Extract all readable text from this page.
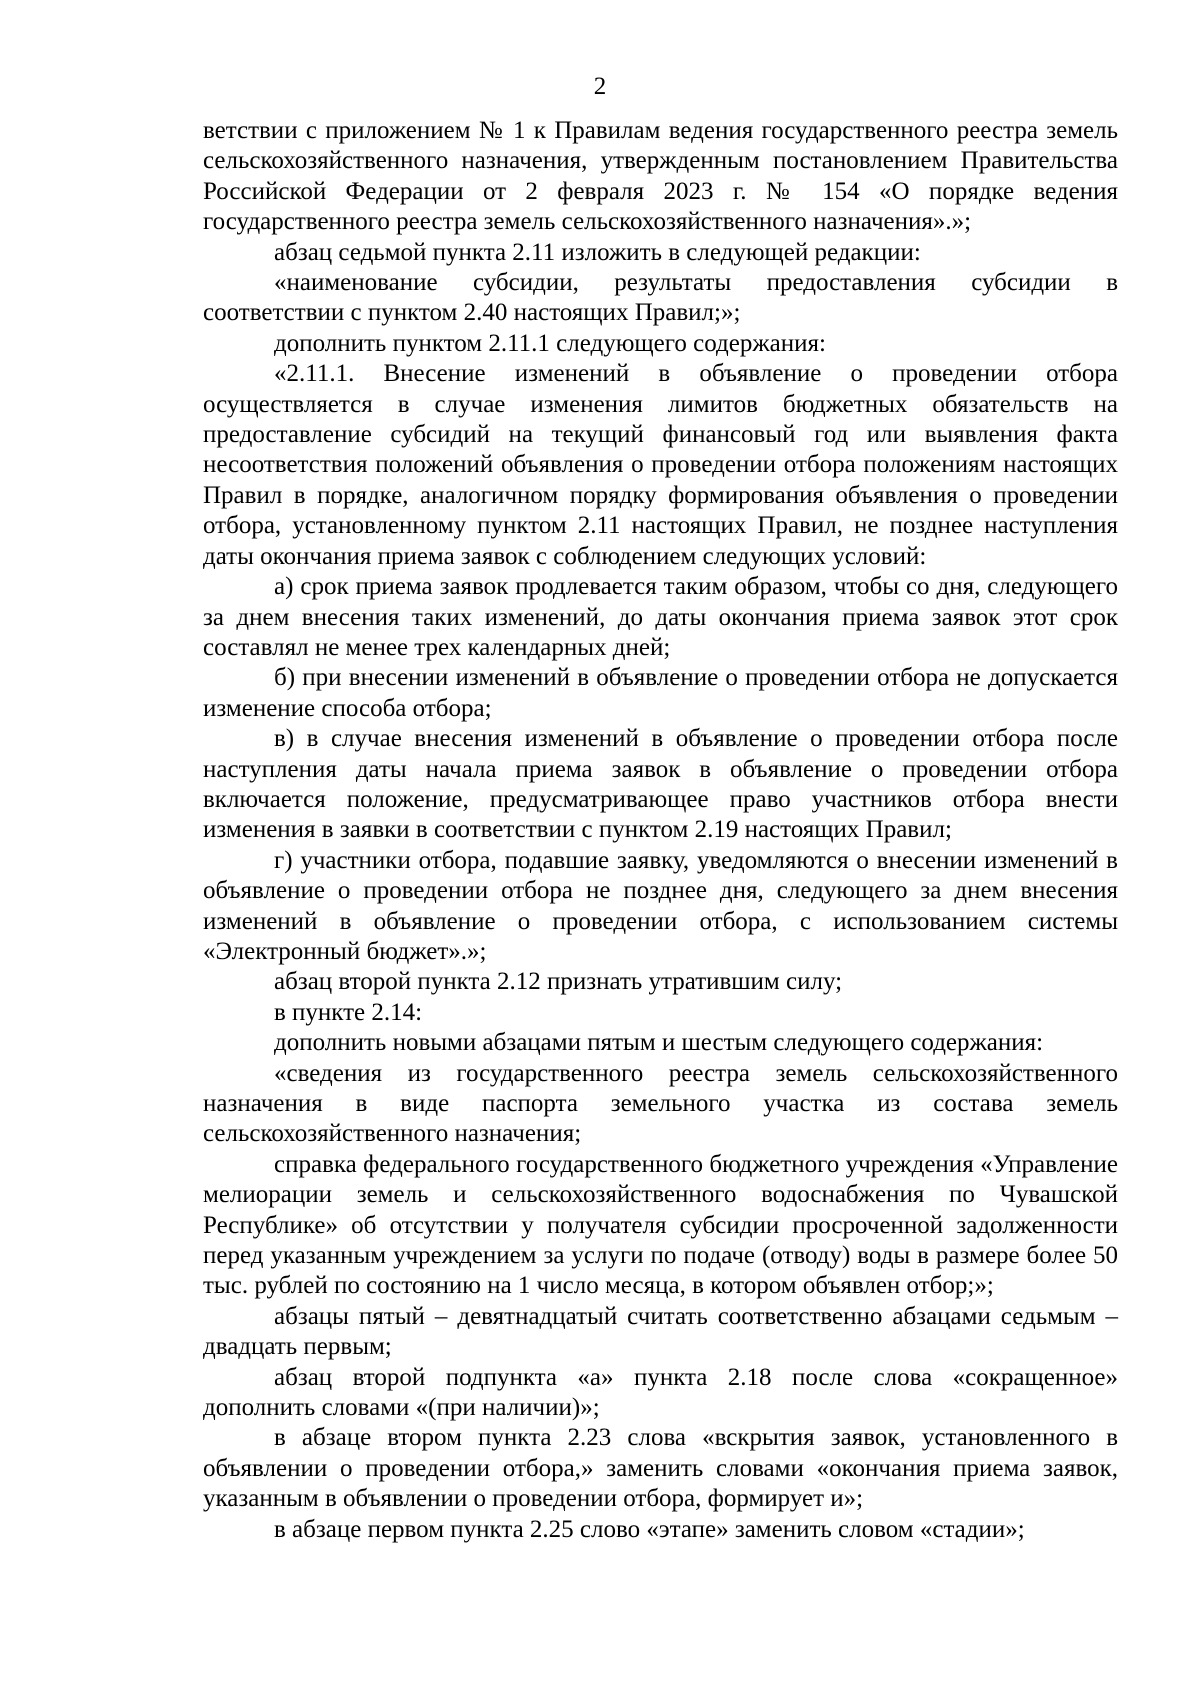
2

ветствии с приложением № 1 к Правилам ведения государственного реестра земель сельскохозяйственного назначения, утвержденным постановлением Правительства Российской Федерации от 2 февраля 2023 г. № 154 «О порядке ведения государственного реестра земель сельскохозяйственного назначения».»;

абзац седьмой пункта 2.11 изложить в следующей редакции:

«наименование субсидии, результаты предоставления субсидии в соответствии с пунктом 2.40 настоящих Правил;»;

дополнить пунктом 2.11.1 следующего содержания:

«2.11.1. Внесение изменений в объявление о проведении отбора осуществляется в случае изменения лимитов бюджетных обязательств на предоставление субсидий на текущий финансовый год или выявления факта несоответствия положений объявления о проведении отбора положениям настоящих Правил в порядке, аналогичном порядку формирования объявления о проведении отбора, установленному пунктом 2.11 настоящих Правил, не позднее наступления даты окончания приема заявок с соблюдением следующих условий:

а) срок приема заявок продлевается таким образом, чтобы со дня, следующего за днем внесения таких изменений, до даты окончания приема заявок этот срок составлял не менее трех календарных дней;

б) при внесении изменений в объявление о проведении отбора не допускается изменение способа отбора;

в) в случае внесения изменений в объявление о проведении отбора после наступления даты начала приема заявок в объявление о проведении отбора включается положение, предусматривающее право участников отбора внести изменения в заявки в соответствии с пунктом 2.19 настоящих Правил;

г) участники отбора, подавшие заявку, уведомляются о внесении изменений в объявление о проведении отбора не позднее дня, следующего за днем внесения изменений в объявление о проведении отбора, с использованием системы «Электронный бюджет».»;

абзац второй пункта 2.12 признать утратившим силу;

в пункте 2.14:

дополнить новыми абзацами пятым и шестым следующего содержания:

«сведения из государственного реестра земель сельскохозяйственного назначения в виде паспорта земельного участка из состава земель сельскохозяйственного назначения;

справка федерального государственного бюджетного учреждения «Управление мелиорации земель и сельскохозяйственного водоснабжения по Чувашской Республике» об отсутствии у получателя субсидии просроченной задолженности перед указанным учреждением за услуги по подаче (отводу) воды в размере более 50 тыс. рублей по состоянию на 1 число месяца, в котором объявлен отбор;»;

абзацы пятый – девятнадцатый считать соответственно абзацами седьмым – двадцать первым;

абзац второй подпункта «а» пункта 2.18 после слова «сокращенное» дополнить словами «(при наличии)»;

в абзаце втором пункта 2.23 слова «вскрытия заявок, установленного в объявлении о проведении отбора,» заменить словами «окончания приема заявок, указанным в объявлении о проведении отбора, формирует и»;

в абзаце первом пункта 2.25 слово «этапе» заменить словом «стадии»;
